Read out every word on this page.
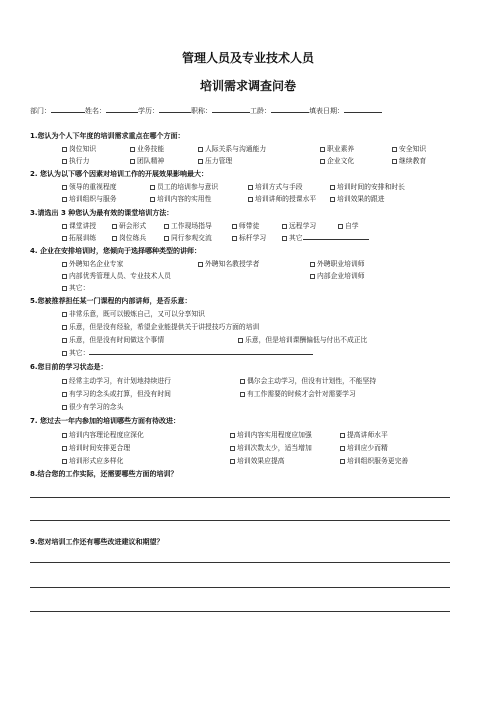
管理人员及专业技术人员
培训需求调查问卷
部门：	姓名：	学历：	职称：	工龄：	填表日期：
1.您认为个人下年度的培训需求重点在哪个方面：
岗位知识	业务技能	人际关系与沟通能力	职业素养	安全知识
执行力	团队精神	压力管理	企业文化	继续教育
2. 您认为以下哪个因素对培训工作的开展效果影响最大：
领导的重视程度	员工的培训参与意识	培训方式与手段	培训时间的安排和时长
培训组织与服务	培训内容的实用性	培训讲师的授课水平	培训效果的跟进
3.请选出 3 种您认为最有效的课堂培训方法：
课堂讲授	研会形式	工作现场指导	师带徒	远程学习	自学
拓展训练	岗位练兵	同行参观交流	标杆学习	其它
4. 企业在安排培训时，您倾向于选择哪种类型的讲师：
外聘知名企业专家	外聘知名教授学者	外聘职业培训师
内部优秀管理人员、专业技术人员	内部企业培训师
其它：
5.您被推荐担任某一门课程的内部讲师，是否乐意：
非常乐意，既可以锻炼自己，又可以分享知识
乐意，但是没有经验，希望企业能提供关于讲授技巧方面的培训
乐意，但是没有时间做这个事情	乐意，但是培训课酬偏低与付出不成正比
其它：
6.您目前的学习状态是：
经常主动学习，有计划地持续进行	偶尔会主动学习，但没有计划性，不能坚持
有学习的念头或打算，但没有时间	有工作需要的时候才会针对需要学习
很少有学习的念头
7. 您过去一年内参加的培训哪些方面有待改进：
培训内容理论程度应深化	培训内容实用程度应加强	提高讲师水平
培训时间安排更合理	培训次数太少，适当增加	培训应少而精
培训形式应多样化	培训效果应提高	培训组织服务更完善
8.结合您的工作实际，还需要哪些方面的培训？
9.您对培训工作还有哪些改进建议和期望？
